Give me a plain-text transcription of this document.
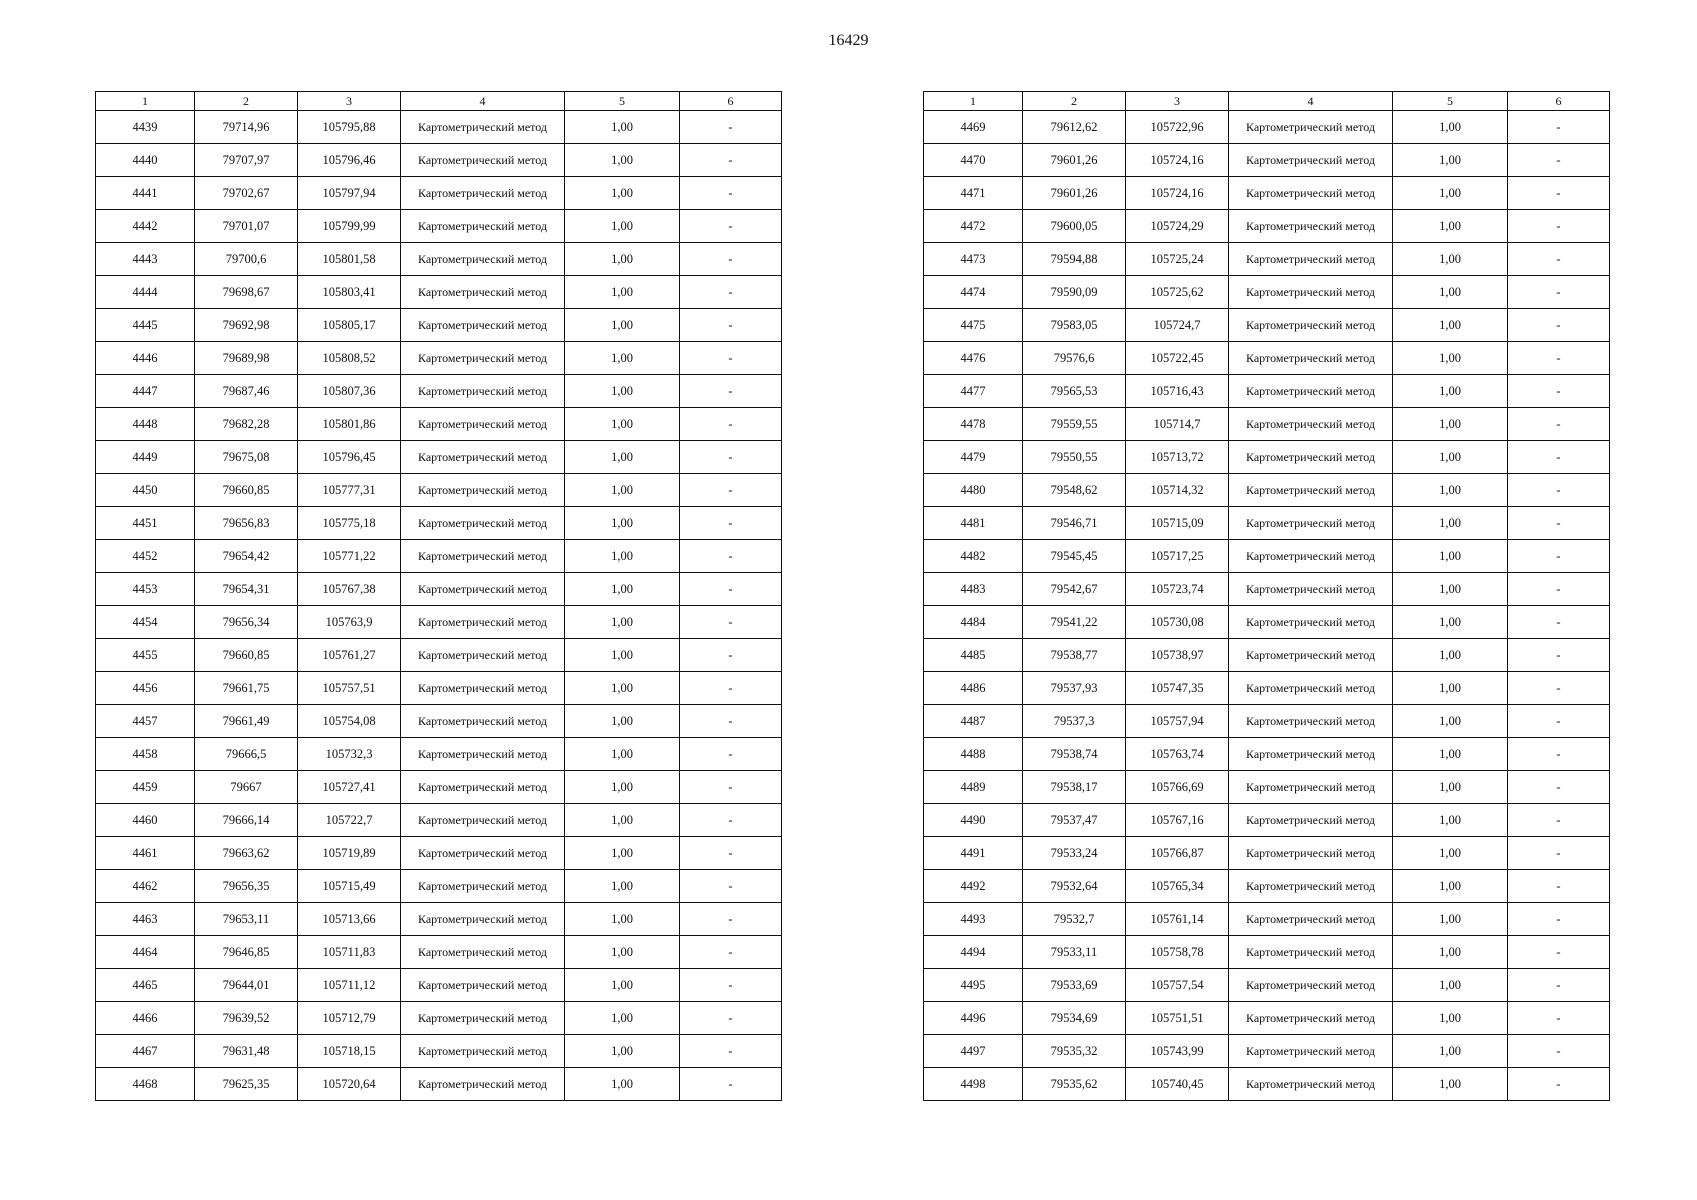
16429
1	2	3	4	5	6
4439	79714,96	105795,88	Картометрический метод	1,00	-
4440	79707,97	105796,46	Картометрический метод	1,00	-
4441	79702,67	105797,94	Картометрический метод	1,00	-
4442	79701,07	105799,99	Картометрический метод	1,00	-
4443	79700,6	105801,58	Картометрический метод	1,00	-
4444	79698,67	105803,41	Картометрический метод	1,00	-
4445	79692,98	105805,17	Картометрический метод	1,00	-
4446	79689,98	105808,52	Картометрический метод	1,00	-
4447	79687,46	105807,36	Картометрический метод	1,00	-
4448	79682,28	105801,86	Картометрический метод	1,00	-
4449	79675,08	105796,45	Картометрический метод	1,00	-
4450	79660,85	105777,31	Картометрический метод	1,00	-
4451	79656,83	105775,18	Картометрический метод	1,00	-
4452	79654,42	105771,22	Картометрический метод	1,00	-
4453	79654,31	105767,38	Картометрический метод	1,00	-
4454	79656,34	105763,9	Картометрический метод	1,00	-
4455	79660,85	105761,27	Картометрический метод	1,00	-
4456	79661,75	105757,51	Картометрический метод	1,00	-
4457	79661,49	105754,08	Картометрический метод	1,00	-
4458	79666,5	105732,3	Картометрический метод	1,00	-
4459	79667	105727,41	Картометрический метод	1,00	-
4460	79666,14	105722,7	Картометрический метод	1,00	-
4461	79663,62	105719,89	Картометрический метод	1,00	-
4462	79656,35	105715,49	Картометрический метод	1,00	-
4463	79653,11	105713,66	Картометрический метод	1,00	-
4464	79646,85	105711,83	Картометрический метод	1,00	-
4465	79644,01	105711,12	Картометрический метод	1,00	-
4466	79639,52	105712,79	Картометрический метод	1,00	-
4467	79631,48	105718,15	Картометрический метод	1,00	-
4468	79625,35	105720,64	Картометрический метод	1,00	-
1	2	3	4	5	6
4469	79612,62	105722,96	Картометрический метод	1,00	-
4470	79601,26	105724,16	Картометрический метод	1,00	-
4471	79601,26	105724,16	Картометрический метод	1,00	-
4472	79600,05	105724,29	Картометрический метод	1,00	-
4473	79594,88	105725,24	Картометрический метод	1,00	-
4474	79590,09	105725,62	Картометрический метод	1,00	-
4475	79583,05	105724,7	Картометрический метод	1,00	-
4476	79576,6	105722,45	Картометрический метод	1,00	-
4477	79565,53	105716,43	Картометрический метод	1,00	-
4478	79559,55	105714,7	Картометрический метод	1,00	-
4479	79550,55	105713,72	Картометрический метод	1,00	-
4480	79548,62	105714,32	Картометрический метод	1,00	-
4481	79546,71	105715,09	Картометрический метод	1,00	-
4482	79545,45	105717,25	Картометрический метод	1,00	-
4483	79542,67	105723,74	Картометрический метод	1,00	-
4484	79541,22	105730,08	Картометрический метод	1,00	-
4485	79538,77	105738,97	Картометрический метод	1,00	-
4486	79537,93	105747,35	Картометрический метод	1,00	-
4487	79537,3	105757,94	Картометрический метод	1,00	-
4488	79538,74	105763,74	Картометрический метод	1,00	-
4489	79538,17	105766,69	Картометрический метод	1,00	-
4490	79537,47	105767,16	Картометрический метод	1,00	-
4491	79533,24	105766,87	Картометрический метод	1,00	-
4492	79532,64	105765,34	Картометрический метод	1,00	-
4493	79532,7	105761,14	Картометрический метод	1,00	-
4494	79533,11	105758,78	Картометрический метод	1,00	-
4495	79533,69	105757,54	Картометрический метод	1,00	-
4496	79534,69	105751,51	Картометрический метод	1,00	-
4497	79535,32	105743,99	Картометрический метод	1,00	-
4498	79535,62	105740,45	Картометрический метод	1,00	-
